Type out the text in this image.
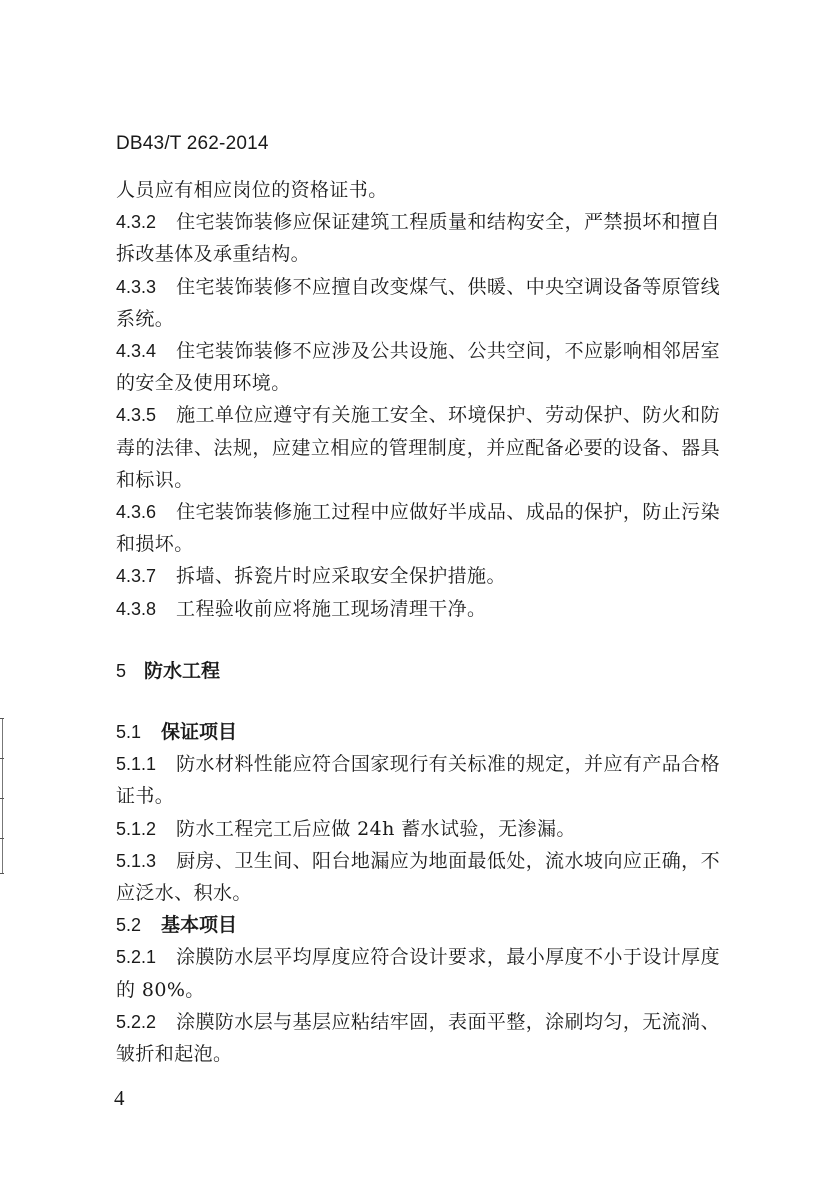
DB43/T 262-2014

人员应有相应岗位的资格证书。

4.3.2 住宅装饰装修应保证建筑工程质量和结构安全，严禁损坏和擅自拆改基体及承重结构。

4.3.3 住宅装饰装修不应擅自改变煤气、供暖、中央空调设备等原管线系统。

4.3.4 住宅装饰装修不应涉及公共设施、公共空间，不应影响相邻居室的安全及使用环境。

4.3.5 施工单位应遵守有关施工安全、环境保护、劳动保护、防火和防毒的法律、法规，应建立相应的管理制度，并应配备必要的设备、器具和标识。

4.3.6 住宅装饰装修施工过程中应做好半成品、成品的保护，防止污染和损坏。

4.3.7 拆墙、拆瓷片时应采取安全保护措施。

4.3.8 工程验收前应将施工现场清理干净。

5 防水工程

5.1 保证项目

5.1.1 防水材料性能应符合国家现行有关标准的规定，并应有产品合格证书。

5.1.2 防水工程完工后应做 24h 蓄水试验，无渗漏。

5.1.3 厨房、卫生间、阳台地漏应为地面最低处，流水坡向应正确，不应泛水、积水。

5.2 基本项目

5.2.1 涂膜防水层平均厚度应符合设计要求，最小厚度不小于设计厚度的 80%。

5.2.2 涂膜防水层与基层应粘结牢固，表面平整，涂刷均匀，无流淌、皱折和起泡。

4
